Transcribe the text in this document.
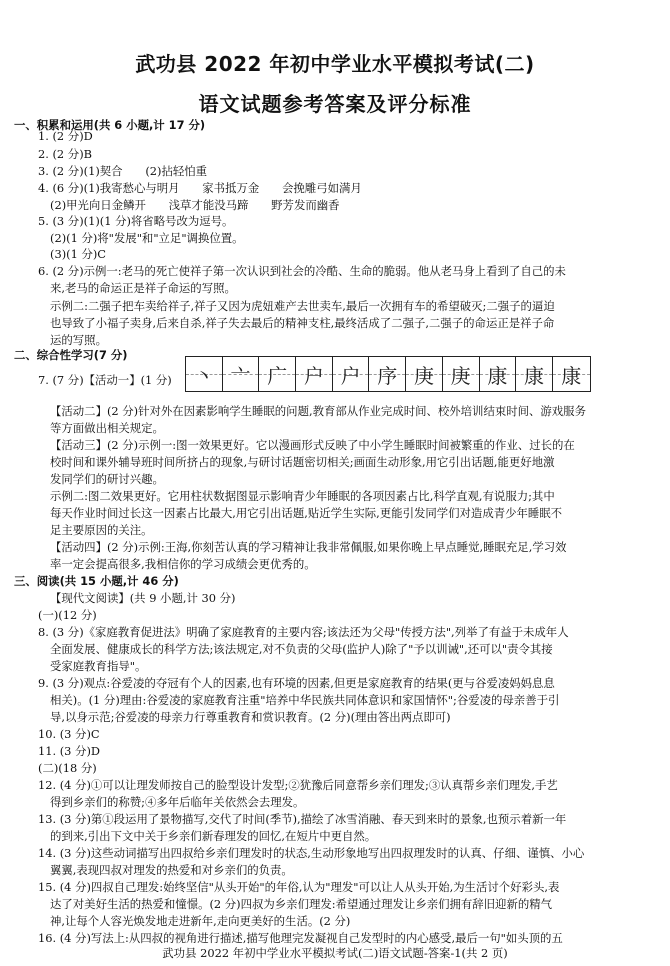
武功县 2022 年初中学业水平模拟考试(二)
语文试题参考答案及评分标准
一、积累和运用(共 6 小题,计 17 分)
1. (2 分)D
2. (2 分)B
3. (2 分)(1)契合　　(2)拈轻怕重
4. (6 分)(1)我寄愁心与明月　　家书抵万金　　会挽雕弓如满月
(2)甲光向日金鳞开　　浅草才能没马蹄　　野芳发而幽香
5. (3 分)(1)(1 分)将省略号改为逗号。
(2)(1 分)将"发展"和"立足"调换位置。
(3)(1 分)C
6. (2 分)示例一:老马的死亡使祥子第一次认识到社会的冷酷、生命的脆弱。他从老马身上看到了自己的未
来,老马的命运正是祥子命运的写照。
示例二:二强子把车卖给祥子,祥子又因为虎妞难产去世卖车,最后一次拥有车的希望破灭;二强子的逼迫
也导致了小福子卖身,后来自杀,祥子失去最后的精神支柱,最终活成了二强子,二强子的命运正是祥子命
运的写照。
二、综合性学习(7 分)
7. (7 分)【活动一】(1 分)
【活动二】(2 分)针对外在因素影响学生睡眠的问题,教育部从作业完成时间、校外培训结束时间、游戏服务
等方面做出相关规定。
【活动三】(2 分)示例一:图一效果更好。它以漫画形式反映了中小学生睡眠时间被繁重的作业、过长的在
校时间和课外辅导班时间所挤占的现象,与研讨话题密切相关;画面生动形象,用它引出话题,能更好地激
发同学们的研讨兴趣。
示例二:图二效果更好。它用柱状数据图显示影响青少年睡眠的各项因素占比,科学直观,有说服力;其中
每天作业时间过长这一因素占比最大,用它引出话题,贴近学生实际,更能引发同学们对造成青少年睡眠不
足主要原因的关注。
【活动四】(2 分)示例:王海,你刻苦认真的学习精神让我非常佩服,如果你晚上早点睡觉,睡眠充足,学习效
率一定会提高很多,我相信你的学习成绩会更优秀的。
三、阅读(共 15 小题,计 46 分)
【现代文阅读】(共 9 小题,计 30 分)
(一)(12 分)
8. (3 分)《家庭教育促进法》明确了家庭教育的主要内容;该法还为父母"传授方法",列举了有益于未成年人
全面发展、健康成长的科学方法;该法规定,对不负责的父母(监护人)除了"予以训诫",还可以"责令其接
受家庭教育指导"。
9. (3 分)观点:谷爱凌的夺冠有个人的因素,也有环境的因素,但更是家庭教育的结果(更与谷爱凌妈妈息息
相关)。(1 分)理由:谷爱凌的家庭教育注重"培养中华民族共同体意识和家国情怀";谷爱凌的母亲善于引
导,以身示范;谷爱凌的母亲力行尊重教育和赏识教育。(2 分)(理由答出两点即可)
10. (3 分)C
11. (3 分)D
(二)(18 分)
12. (4 分)①可以让理发师按自己的脸型设计发型;②犹豫后同意帮乡亲们理发;③认真帮乡亲们理发,手艺
得到乡亲们的称赞;④多年后临年关依然会去理发。
13. (3 分)第①段运用了景物描写,交代了时间(季节),描绘了冰雪消融、春天到来时的景象,也预示着新一年
的到来,引出下文中关于乡亲们新春理发的回忆,在短片中更自然。
14. (3 分)这些动词描写出四叔给乡亲们理发时的状态,生动形象地写出四叔理发时的认真、仔细、谨慎、小心
翼翼,表现四叔对理发的热爱和对乡亲们的负责。
15. (4 分)四叔自己理发:始终坚信"从头开始"的年俗,认为"理发"可以让人从头开始,为生活讨个好彩头,表
达了对美好生活的热爱和憧憬。(2 分)四叔为乡亲们理发:希望通过理发让乡亲们拥有辞旧迎新的精气
神,让每个人容光焕发地走进新年,走向更美好的生活。(2 分)
16. (4 分)写法上:从四叔的视角进行描述,描写他理完发凝视自己发型时的内心感受,最后一句"如头顶的五
丶 亠 广 户 户 序 庚 庚 康 康 康
武功县 2022 年初中学业水平模拟考试(二)语文试题-答案-1(共 2 页)
